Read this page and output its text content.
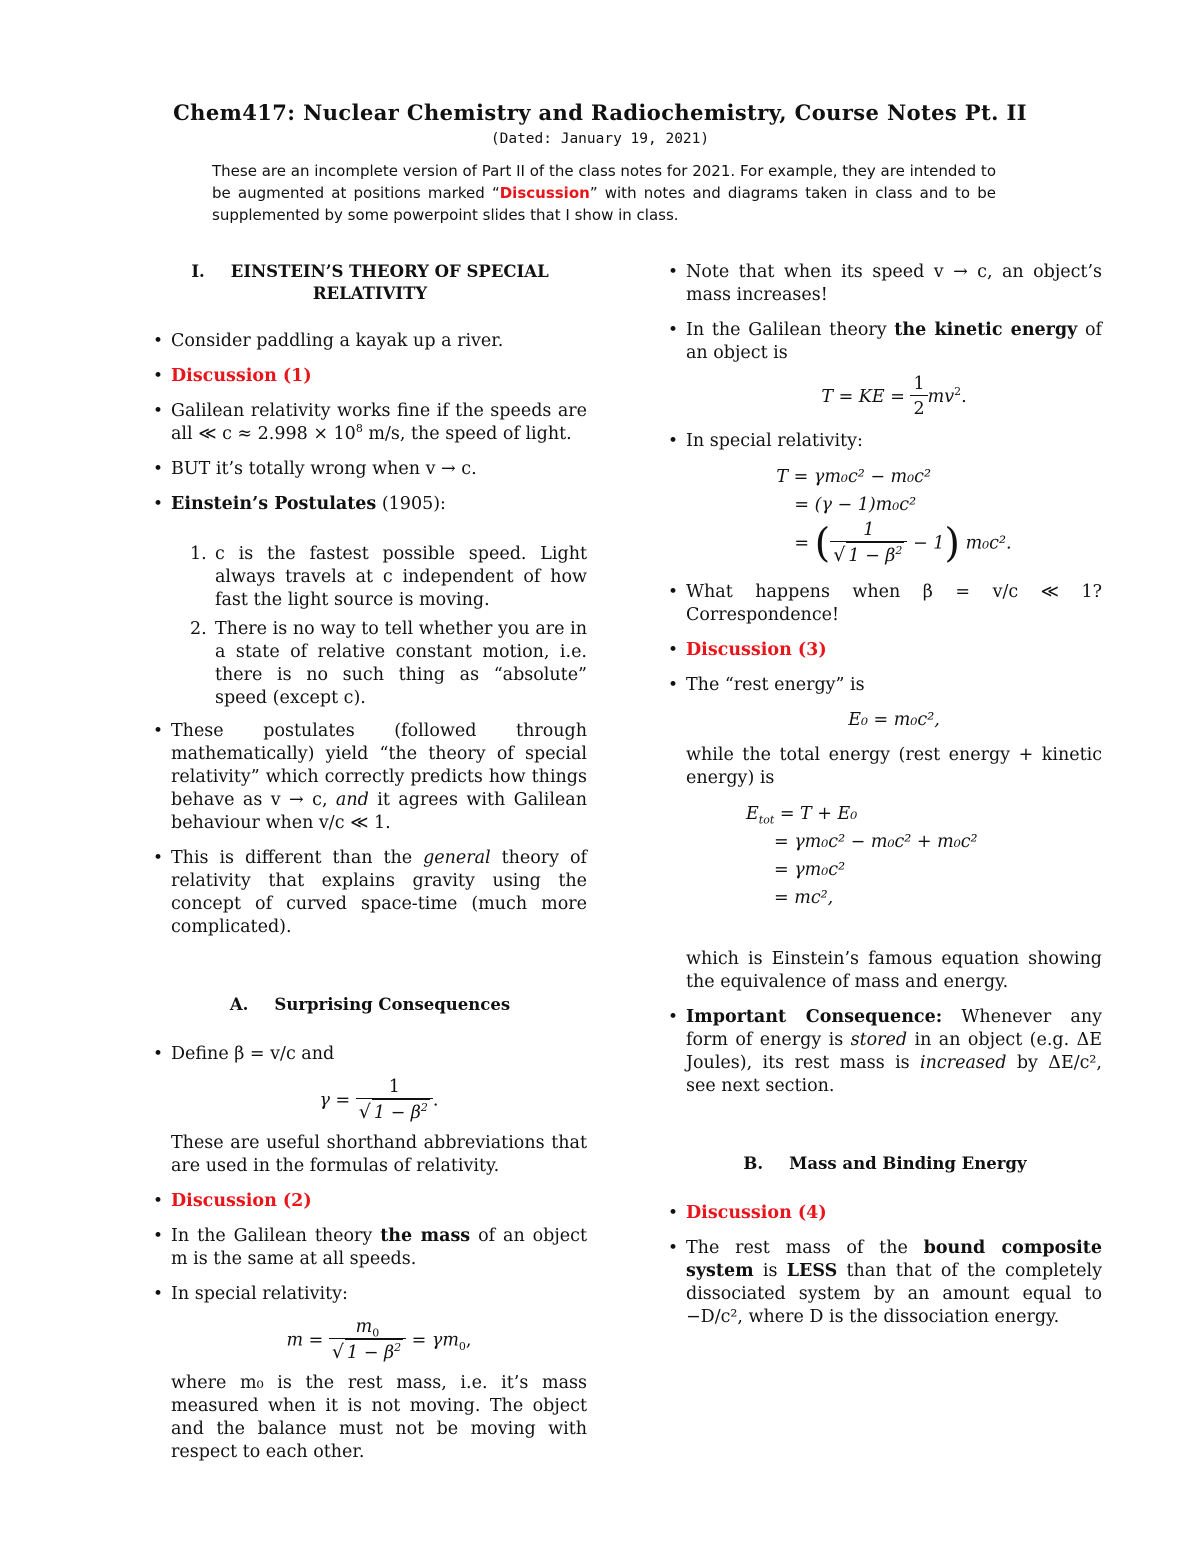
Chem417: Nuclear Chemistry and Radiochemistry, Course Notes Pt. II
(Dated: January 19, 2021)
These are an incomplete version of Part II of the class notes for 2021. For example, they are intended to be augmented at positions marked “Discussion” with notes and diagrams taken in class and to be supplemented by some powerpoint slides that I show in class.
I. EINSTEIN’S THEORY OF SPECIAL RELATIVITY
• Consider paddling a kayak up a river.
• Discussion (1)
• Galilean relativity works fine if the speeds are all ≪ $c \approx 2.998 \times 10^8$ m/s, the speed of light.
• BUT it’s totally wrong when v → c.
• Einstein’s Postulates (1905):
1. c is the fastest possible speed. Light always travels at c independent of how fast the light source is moving.
2. There is no way to tell whether you are in a state of relative constant motion, i.e. there is no such thing as “absolute” speed (except c).
• These postulates (followed through mathematically) yield “the theory of special relativity” which correctly predicts how things behave as v → c, and it agrees with Galilean behaviour when v/c ≪ 1.
• This is different than the general theory of relativity that explains gravity using the concept of curved space-time (much more complicated).
A. Surprising Consequences
• Define β = v/c and
$\gamma = \frac{1}{√ 1 - \beta^2}$ .
These are useful shorthand abbreviations that are used in the formulas of relativity.
• Discussion (2)
• In the Galilean theory the mass of an object m is the same at all speeds.
• In special relativity:
$m = \frac{m_0}{√ 1 - \beta^2} = \gamma m_0$,
where m₀ is the rest mass, i.e. it’s mass measured when it is not moving. The object and the balance must not be moving with respect to each other.
• Note that when its speed v → c, an object’s mass increases!
• In the Galilean theory the kinetic energy of an object is
T = KE = $\frac{1}{2} mv^2$.
• In special relativity:
T = γm₀c² − m₀c²
= (γ − 1)m₀c²
= ( $\frac{1}{√ 1 - \beta^2} - 1$) m₀c².
• What happens when β = v/c ≪ 1? Correspondence!
• Discussion (3)
• The “rest energy” is
E₀ = m₀c²,
while the total energy (rest energy + kinetic energy) is
$E_{tot} = T + E_0$
= γm₀c² − m₀c² + m₀c²
= γm₀c²
= mc²,
which is Einstein’s famous equation showing the equivalence of mass and energy.
• Important Consequence: Whenever any form of energy is stored in an object (e.g. ΔE Joules), its rest mass is increased by ΔE/c², see next section.
B. Mass and Binding Energy
• Discussion (4)
• The rest mass of the bound composite system is LESS than that of the completely dissociated system by an amount equal to −D/c², where D is the dissociation energy.
